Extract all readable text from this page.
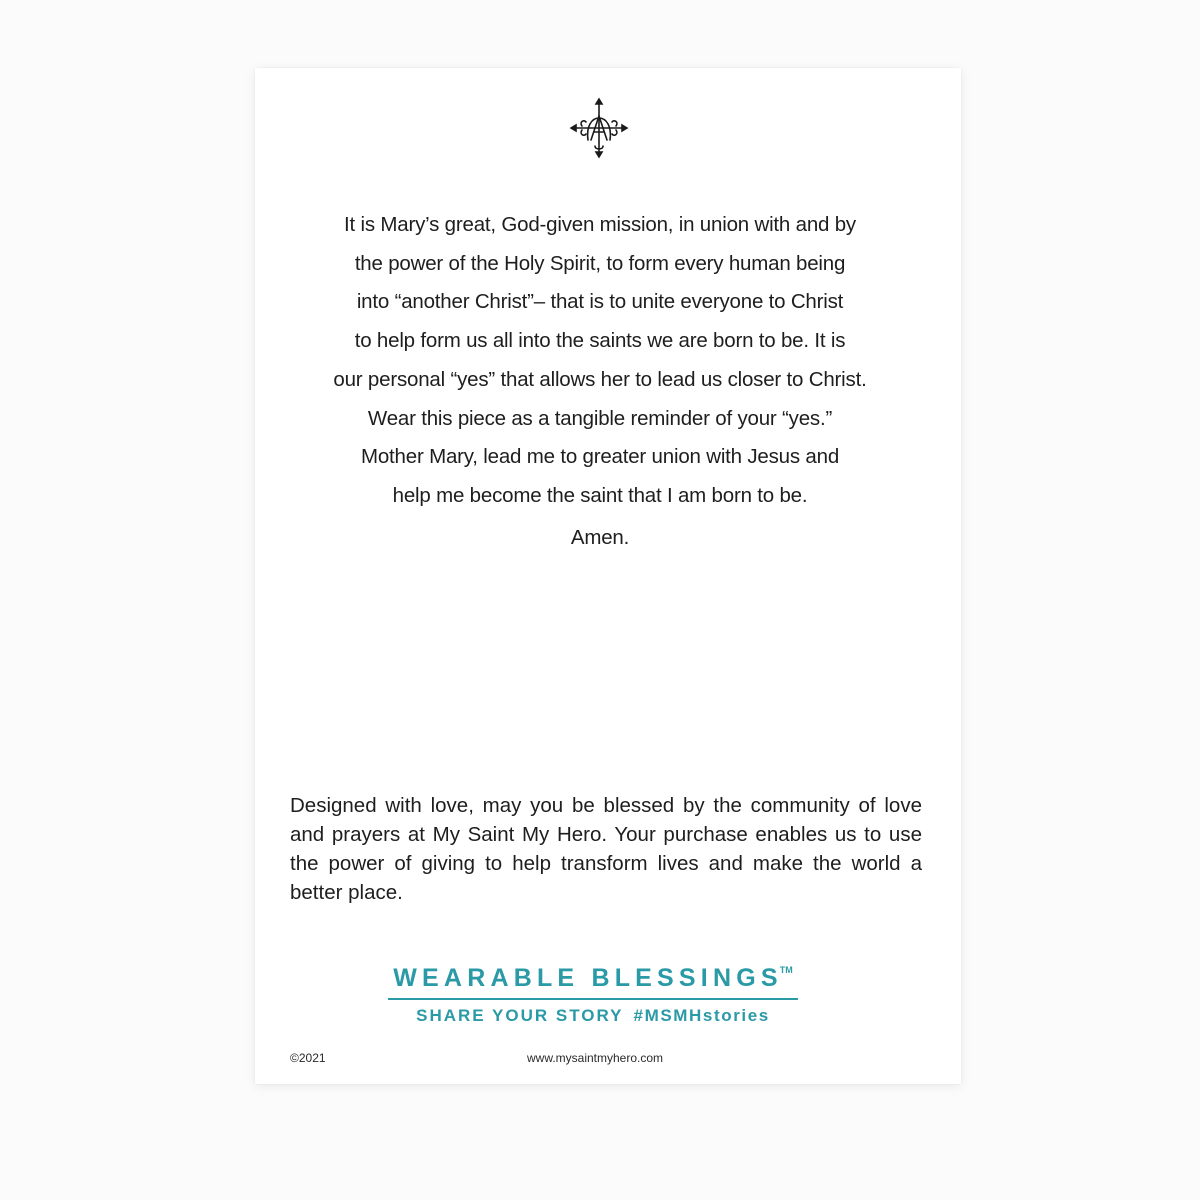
It is Mary’s great, God-given mission, in union with and by
the power of the Holy Spirit, to form every human being
into “another Christ”– that is to unite everyone to Christ
to help form us all into the saints we are born to be. It is
our personal “yes” that allows her to lead us closer to Christ.
Wear this piece as a tangible reminder of your “yes.”
Mother Mary, lead me to greater union with Jesus and
help me become the saint that I am born to be.
Amen.
Designed with love, may you be blessed by the community of love and prayers at My Saint My Hero. Your purchase enables us to use the power of giving to help transform lives and make the world a better place.
WEARABLE BLESSINGS™
SHARE YOUR STORY #MSMHstories
©2021	www.mysaintmyhero.com
